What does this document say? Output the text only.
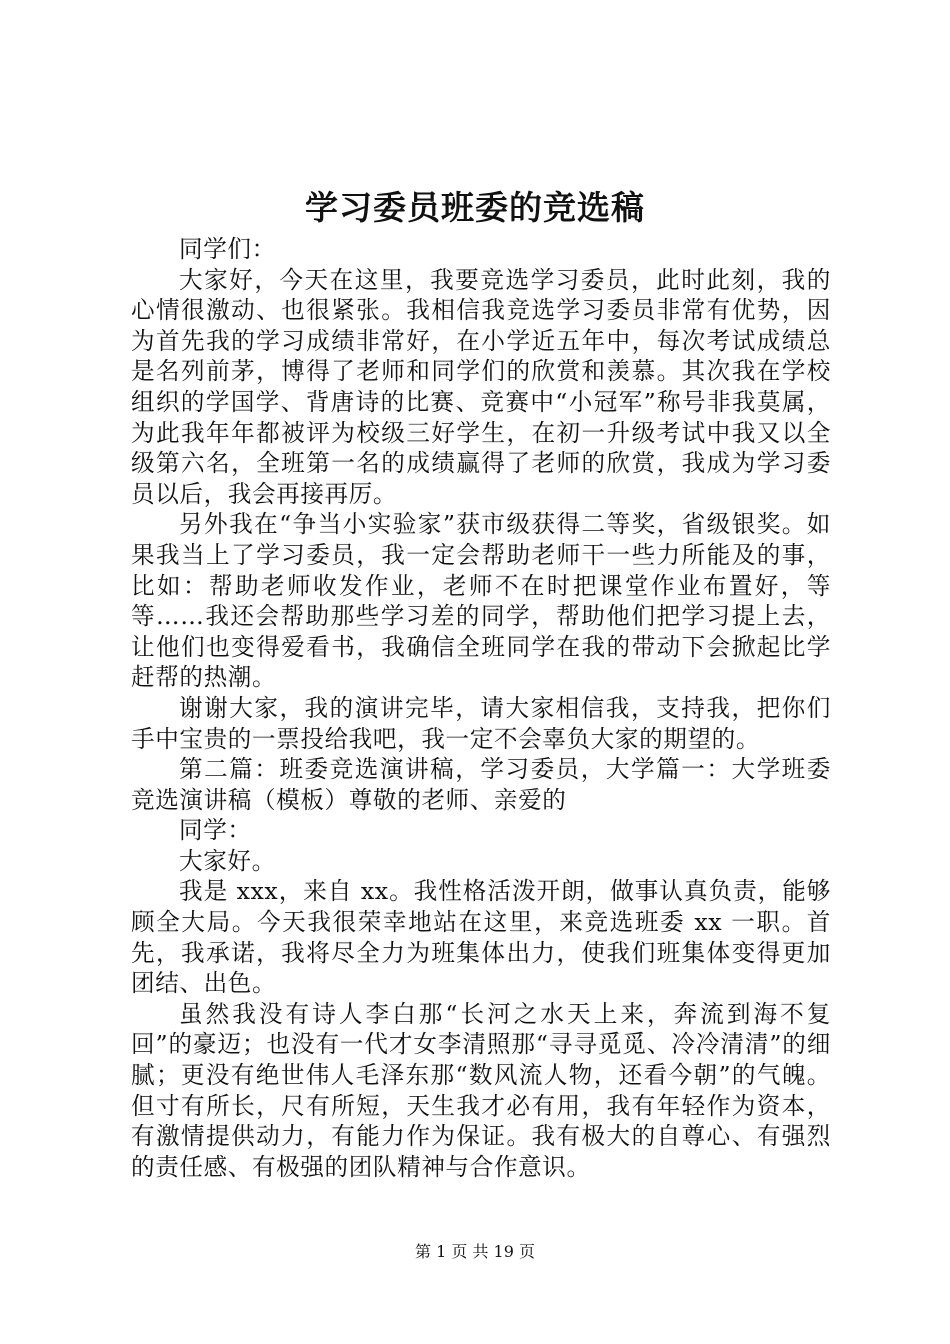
学习委员班委的竞选稿

同学们：

大家好，今天在这里，我要竞选学习委员，此时此刻，我的心情很激动、也很紧张。我相信我竞选学习委员非常有优势，因为首先我的学习成绩非常好，在小学近五年中，每次考试成绩总是名列前茅，博得了老师和同学们的欣赏和羡慕。其次我在学校组织的学国学、背唐诗的比赛、竞赛中“小冠军”称号非我莫属，为此我年年都被评为校级三好学生，在初一升级考试中我又以全级第六名，全班第一名的成绩赢得了老师的欣赏，我成为学习委员以后，我会再接再厉。

另外我在“争当小实验家”获市级获得二等奖，省级银奖。如果我当上了学习委员，我一定会帮助老师干一些力所能及的事，比如：帮助老师收发作业，老师不在时把课堂作业布置好，等等……我还会帮助那些学习差的同学，帮助他们把学习提上去，让他们也变得爱看书，我确信全班同学在我的带动下会掀起比学赶帮的热潮。

谢谢大家，我的演讲完毕，请大家相信我，支持我，把你们手中宝贵的一票投给我吧，我一定不会辜负大家的期望的。

第二篇：班委竞选演讲稿，学习委员，大学篇一：大学班委竞选演讲稿（模板）尊敬的老师、亲爱的

同学：

大家好。

我是 xxx，来自 xx。我性格活泼开朗，做事认真负责，能够顾全大局。今天我很荣幸地站在这里，来竞选班委 xx 一职。首先，我承诺，我将尽全力为班集体出力，使我们班集体变得更加团结、出色。

虽然我没有诗人李白那“长河之水天上来，奔流到海不复回”的豪迈；也没有一代才女李清照那“寻寻觅觅、冷冷清清”的细腻；更没有绝世伟人毛泽东那“数风流人物，还看今朝”的气魄。但寸有所长，尺有所短，天生我才必有用，我有年轻作为资本，有激情提供动力，有能力作为保证。我有极大的自尊心、有强烈的责任感、有极强的团队精神与合作意识。

第 1 页 共 19 页
